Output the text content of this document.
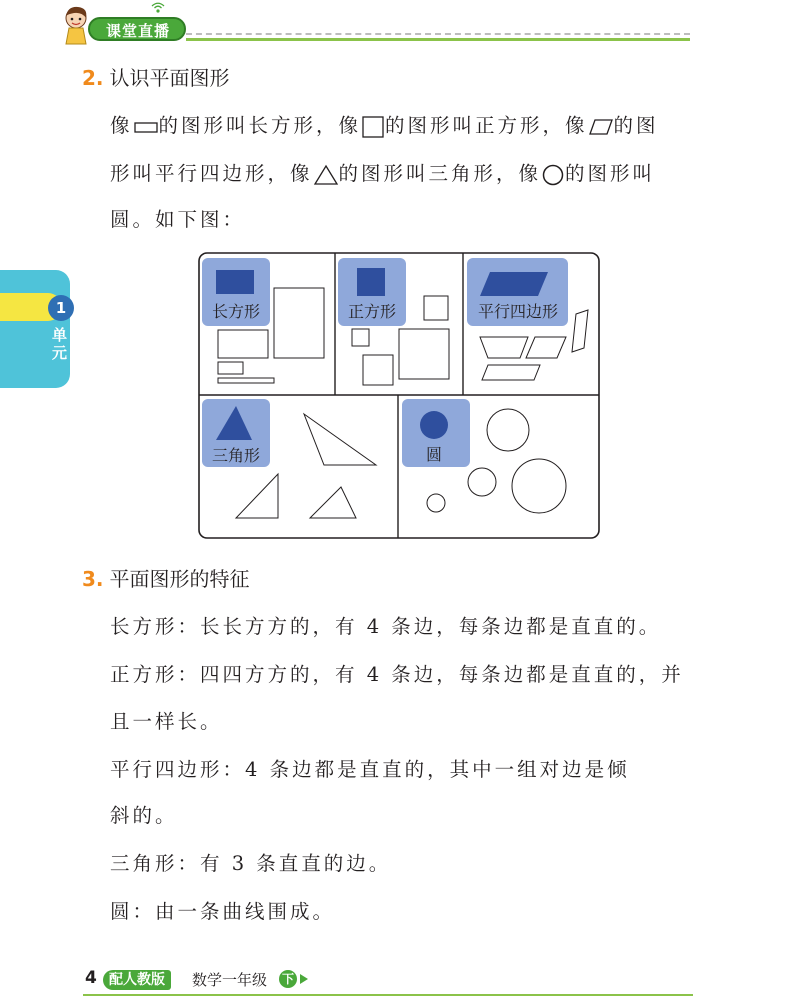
课堂直播
1
单元
2. 认识平面图形
像 的图形叫长方形，像 的图形叫正方形，像 的图
形叫平行四边形，像 的图形叫三角形，像 的图形叫
圆。如下图：
长方形	正方形	平行四边形
三角形	圆
3. 平面图形的特征
长方形：长长方方的，有 4 条边，每条边都是直直的。
正方形：四四方方的，有 4 条边，每条边都是直直的，并
且一样长。
平行四边形：4 条边都是直直的，其中一组对边是倾
斜的。
三角形：有 3 条直直的边。
圆：由一条曲线围成。
4 配人教版	数学一年级 下
